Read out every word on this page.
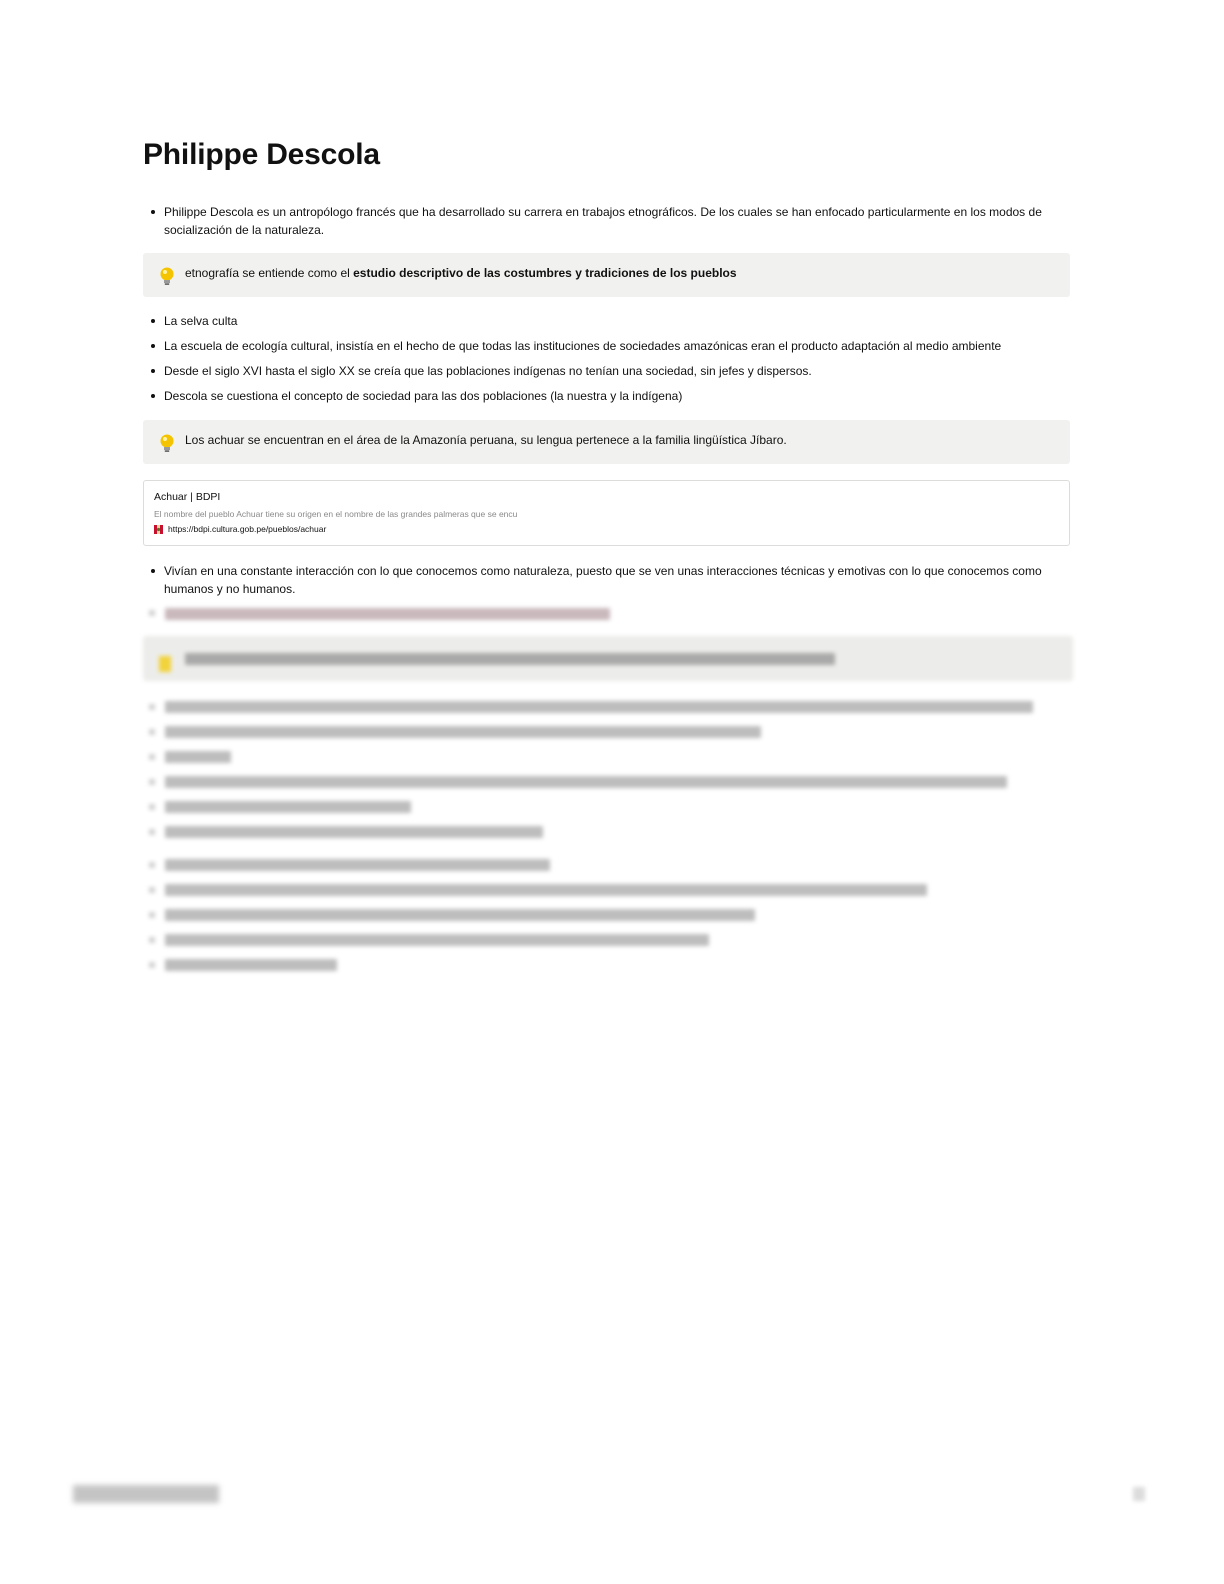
Philippe Descola
Philippe Descola es un antropólogo francés que ha desarrollado su carrera en trabajos etnográficos. De los cuales se han enfocado particularmente en los modos de socialización de la naturaleza.
etnografía se entiende como el estudio descriptivo de las costumbres y tradiciones de los pueblos
La selva culta
La escuela de ecología cultural, insistía en el hecho de que todas las instituciones de sociedades amazónicas eran el producto adaptación al medio ambiente
Desde el siglo XVI hasta el siglo XX se creía que las poblaciones indígenas no tenían una sociedad, sin jefes y dispersos.
Descola se cuestiona el concepto de sociedad para las dos poblaciones (la nuestra y la indígena)
Los achuar se encuentran en el área de la Amazonía peruana, su lengua pertenece a la familia lingüística Jíbaro.
Achuar | BDPI
El nombre del pueblo Achuar tiene su origen en el nombre de las grandes palmeras que se encu
https://bdpi.cultura.gob.pe/pueblos/achuar
Vivían en una constante interacción con lo que conocemos como naturaleza, puesto que se ven unas interacciones técnicas y emotivas con lo que conocemos como humanos y no humanos.
